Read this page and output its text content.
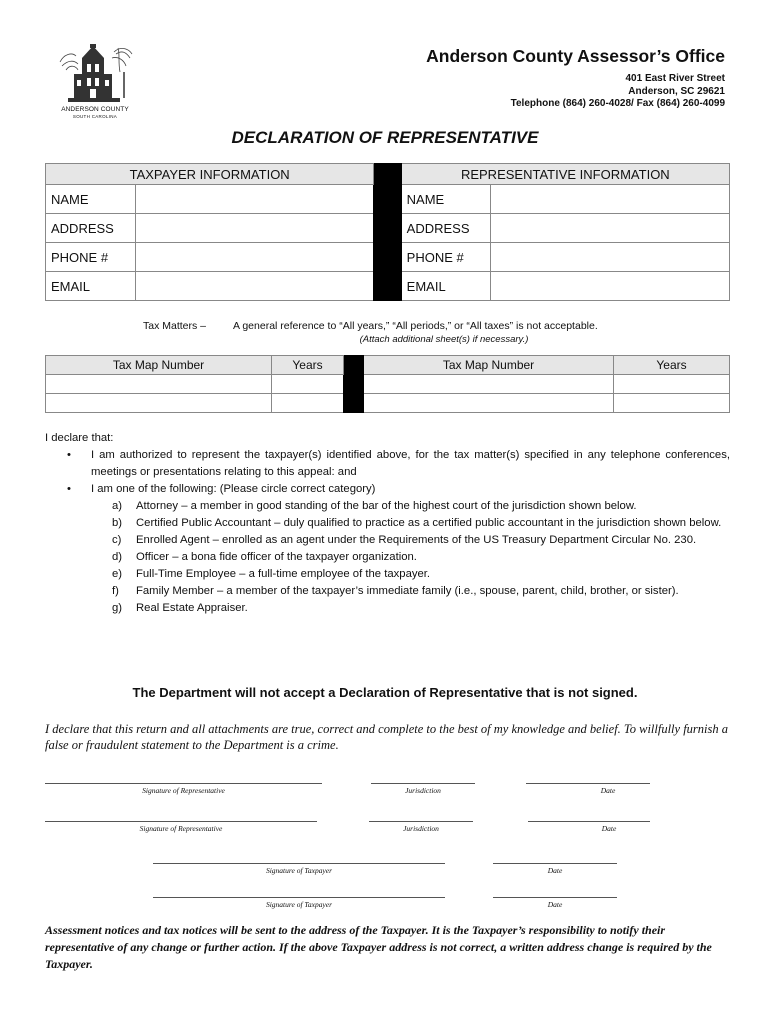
ANDERSON COUNTY
SOUTH CAROLINA
Anderson County Assessor’s Office
401 East River Street
Anderson, SC 29621
Telephone (864) 260-4028/ Fax (864) 260-4099
DECLARATION OF REPRESENTATIVE
TAXPAYER INFORMATION			REPRESENTATIVE INFORMATION	
NAME			NAME	
ADDRESS			ADDRESS	
PHONE #			PHONE #	
EMAIL			EMAIL	
Tax Matters –	A general reference to “All years,” “All periods,” or “All taxes” is not acceptable.
(Attach additional sheet(s) if necessary.)
Tax Map Number	Years		Tax Map Number	Years

I declare that:
• I am authorized to represent the taxpayer(s) identified above, for the tax matter(s) specified in any telephone conferences, meetings or presentations relating to this appeal: and
• I am one of the following: (Please circle correct category)
a) Attorney – a member in good standing of the bar of the highest court of the jurisdiction shown below.
b) Certified Public Accountant – duly qualified to practice as a certified public accountant in the jurisdiction shown below.
c) Enrolled Agent – enrolled as an agent under the Requirements of the US Treasury Department Circular No. 230.
d) Officer – a bona fide officer of the taxpayer organization.
e) Full-Time Employee – a full-time employee of the taxpayer.
f) Family Member – a member of the taxpayer’s immediate family (i.e., spouse, parent, child, brother, or sister).
g) Real Estate Appraiser.
The Department will not accept a Declaration of Representative that is not signed.
I declare that this return and all attachments are true, correct and complete to the best of my knowledge and belief. To willfully furnish a false or fraudulent statement to the Department is a crime.
Signature of Representative	Jurisdiction	Date
Signature of Representative	Jurisdiction	Date
Signature of Taxpayer	Date
Signature of Taxpayer	Date
Assessment notices and tax notices will be sent to the address of the Taxpayer. It is the Taxpayer’s responsibility to notify their representative of any change or further action. If the above Taxpayer address is not correct, a written address change is required by the Taxpayer.
